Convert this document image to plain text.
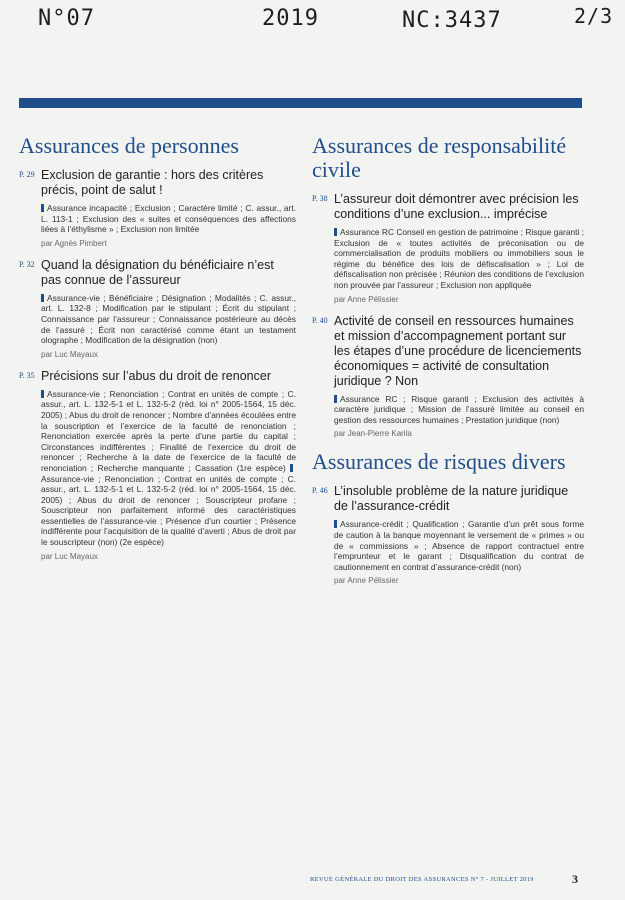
N°07	2019	NC:3437	2/3
Assurances de personnes
P. 29 Exclusion de garantie : hors des critères précis, point de salut !
Assurance incapacité ; Exclusion ; Caractère limité ; C. assur., art. L. 113-1 ; Exclusion des « suites et conséquences des affections liées à l’éthylisme » ; Exclusion non limitée
par Agnès Pimbert
P. 32 Quand la désignation du bénéficiaire n’est pas connue de l’assureur
Assurance-vie ; Bénéficiaire ; Désignation ; Modalités ; C. assur., art. L. 132-8 ; Modification par le stipulant ; Écrit du stipulant ; Connaissance par l’assureur ; Connaissance postérieure au décès de l’assuré ; Écrit non caractérisé comme étant un testament olographe ; Modification de la désignation (non)
par Luc Mayaux
P. 35 Précisions sur l’abus du droit de renoncer
Assurance-vie ; Renonciation ; Contrat en unités de compte ; C. assur., art. L. 132-5-1 et L. 132-5-2 (réd. loi n° 2005-1564, 15 déc. 2005) ; Abus du droit de renoncer ; Nombre d’années écoulées entre la souscription et l’exercice de la faculté de renonciation ; Renonciation exercée après la perte d’une partie du capital ; Circonstances indifférentes ; Finalité de l’exercice du droit de renoncer ; Recherche à la date de l’exercice de la faculté de renonciation ; Recherche manquante ; Cassation (1re espèce) Assurance-vie ; Renonciation ; Contrat en unités de compte ; C. assur., art. L. 132-5-1 et L. 132-5-2 (réd. loi n° 2005-1564, 15 déc. 2005) ; Abus du droit de renoncer ; Souscripteur profane ; Souscripteur non parfaitement informé des caractéristiques essentielles de l’assurance-vie ; Présence d’un courtier ; Présence indifférente pour l’acquisition de la qualité d’averti ; Abus de droit par le souscripteur (non) (2e espèce)
par Luc Mayaux
Assurances de responsabilité civile
P. 38 L’assureur doit démontrer avec précision les conditions d’une exclusion... imprécise
Assurance RC Conseil en gestion de patrimoine ; Risque garanti ; Exclusion de « toutes activités de préconisation ou de commercialisation de produits mobiliers ou immobiliers sous le régime du bénéfice des lois de défiscalisation » ; Loi de défiscalisation non précisée ; Réunion des conditions de l’exclusion non prouvée par l’assureur ; Exclusion non appliquée
par Anne Pélissier
P. 40 Activité de conseil en ressources humaines et mission d’accompagnement portant sur les étapes d’une procédure de licenciements économiques = activité de consultation juridique ? Non
Assurance RC ; Risque garanti ; Exclusion des activités à caractère juridique ; Mission de l’assuré limitée au conseil en gestion des ressources humaines ; Prestation juridique (non)
par Jean-Pierre Karila
Assurances de risques divers
P. 46 L’insoluble problème de la nature juridique de l’assurance-crédit
Assurance-crédit ; Qualification ; Garantie d’un prêt sous forme de caution à la banque moyennant le versement de « primes » ou de « commissions » ; Absence de rapport contractuel entre l’emprunteur et le garant ; Disqualification du contrat de cautionnement en contrat d’assurance-crédit (non)
par Anne Pélissier
REVUE GÉNÉRALE DU DROIT DES ASSURANCES N° 7 - JUILLET 2019	3
